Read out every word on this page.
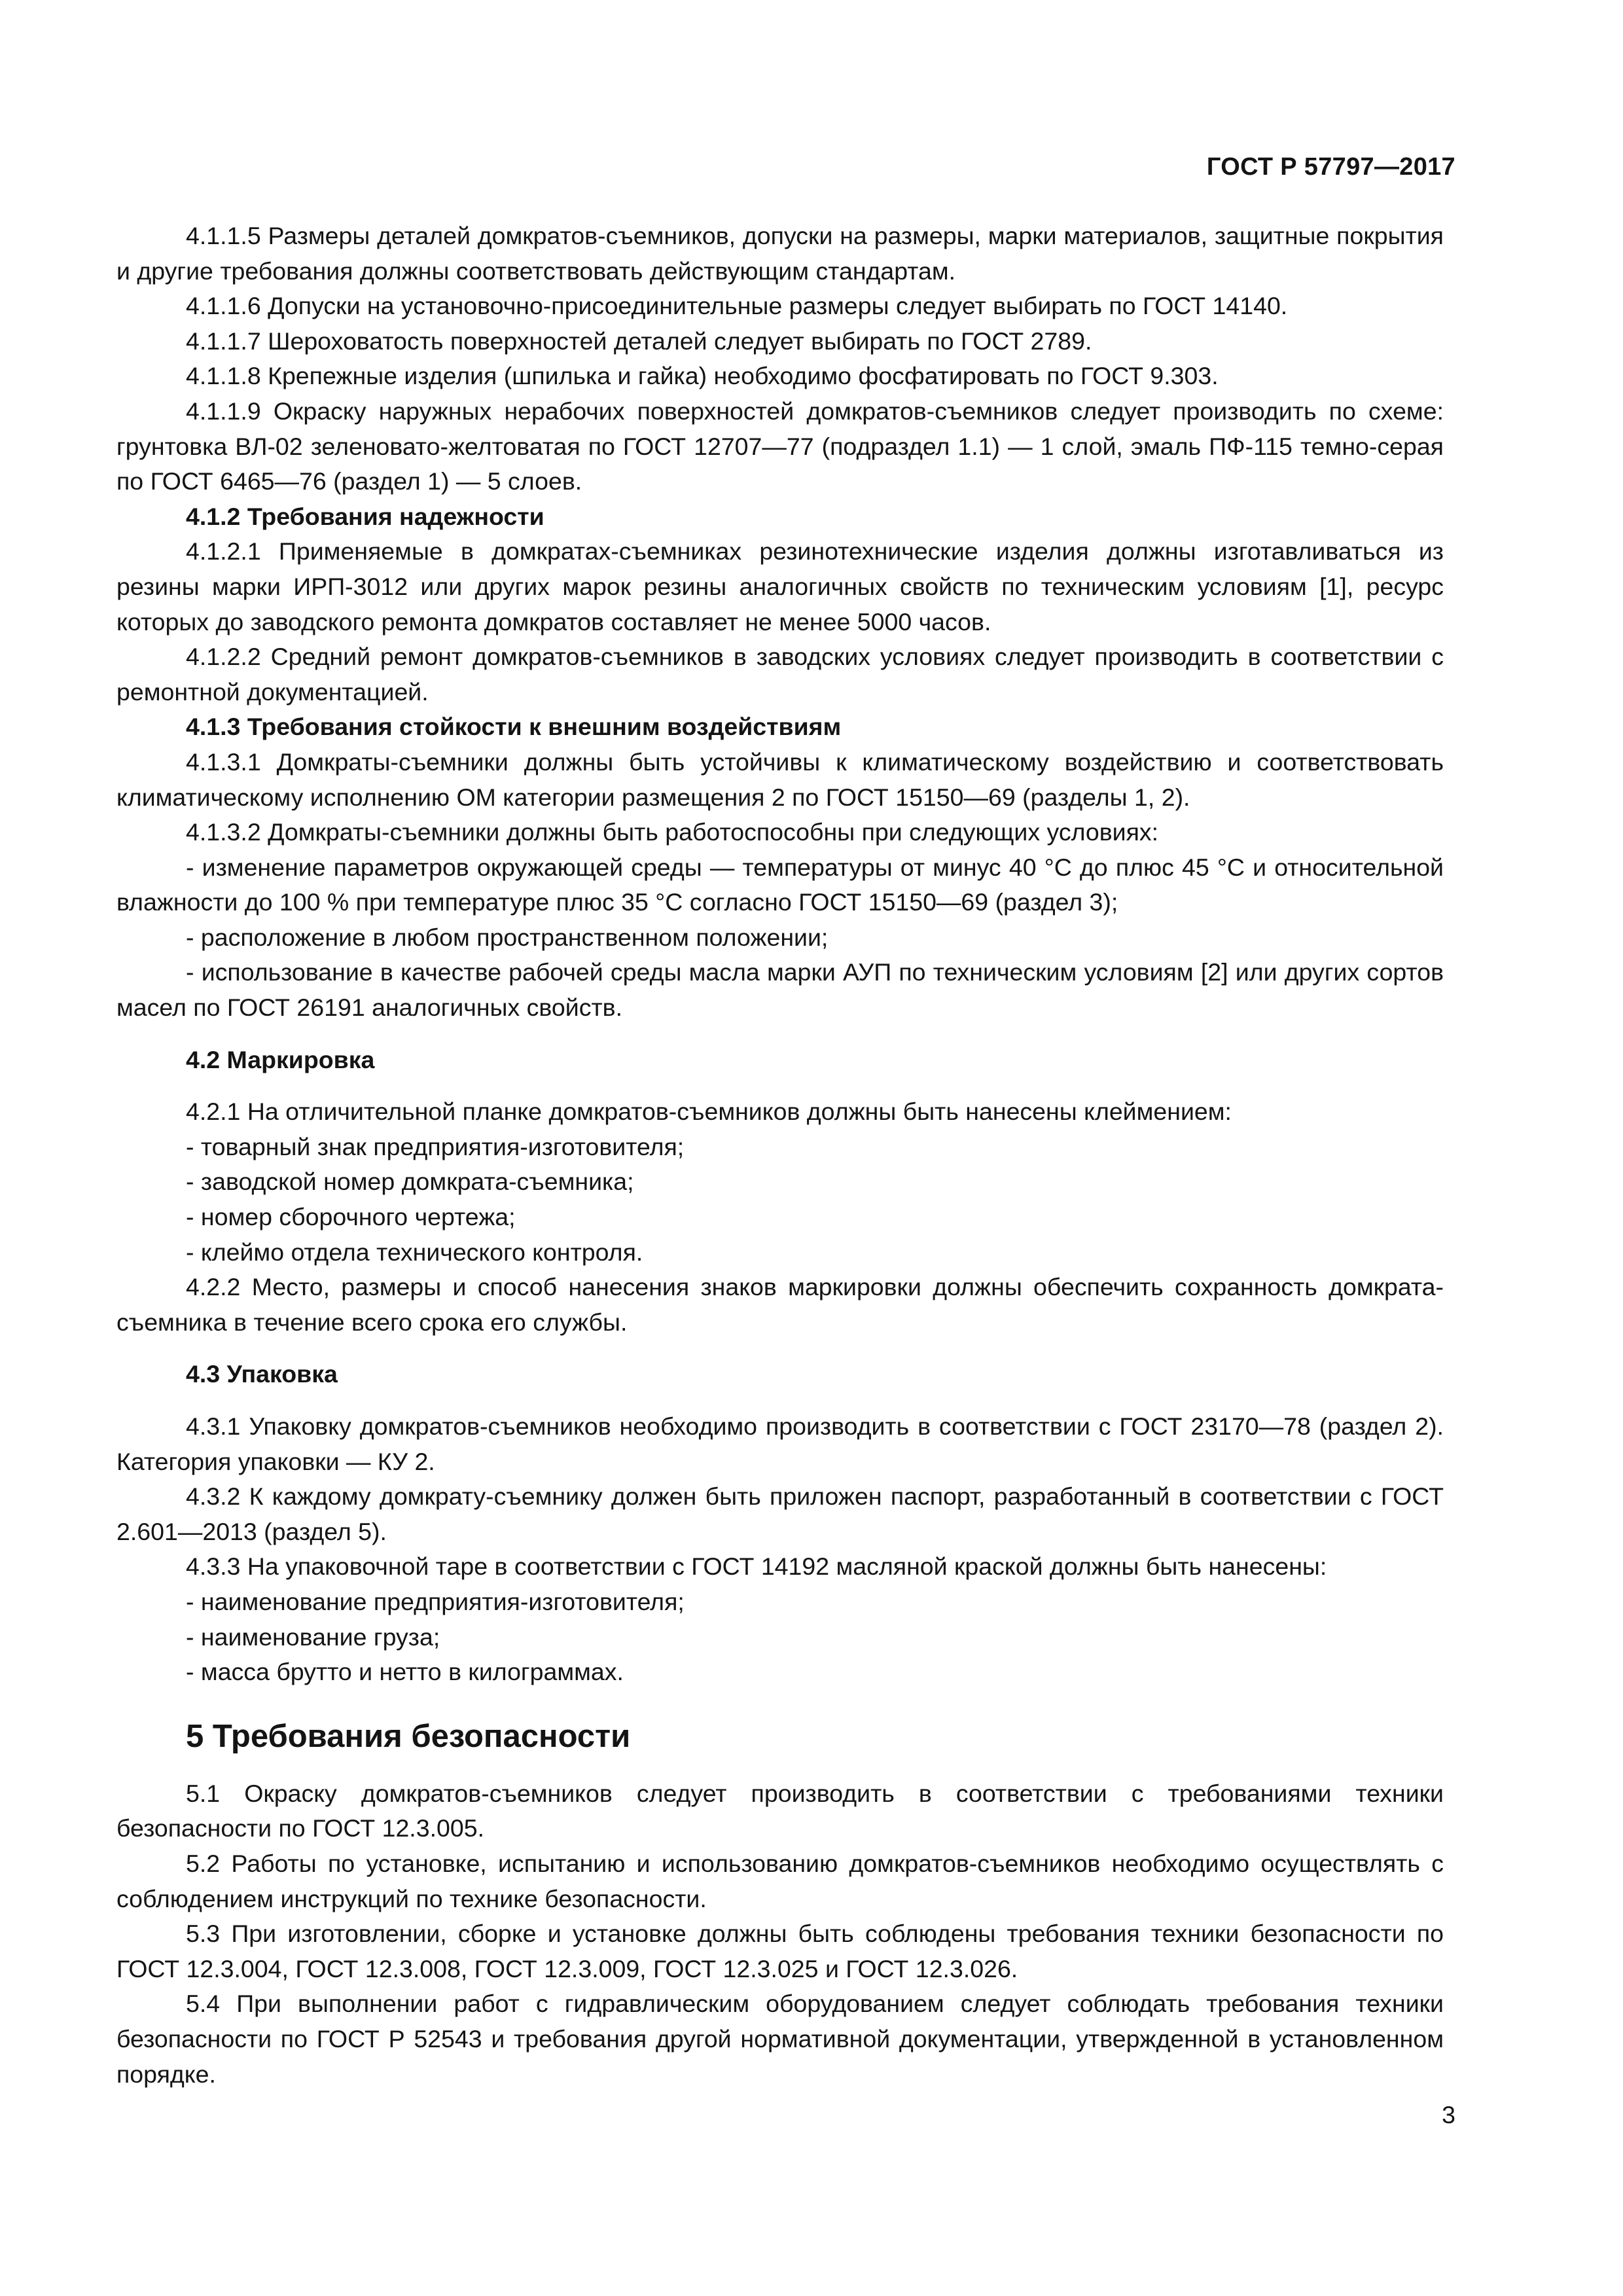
ГОСТ Р 57797—2017

4.1.1.5 Размеры деталей домкратов-съемников, допуски на размеры, марки материалов, защитные покрытия и другие требования должны соответствовать действующим стандартам.

4.1.1.6 Допуски на установочно-присоединительные размеры следует выбирать по ГОСТ 14140.

4.1.1.7 Шероховатость поверхностей деталей следует выбирать по ГОСТ 2789.

4.1.1.8 Крепежные изделия (шпилька и гайка) необходимо фосфатировать по ГОСТ 9.303.

4.1.1.9 Окраску наружных нерабочих поверхностей домкратов-съемников следует производить по схеме: грунтовка ВЛ-02 зеленовато-желтоватая по ГОСТ 12707—77 (подраздел 1.1) — 1 слой, эмаль ПФ-115 темно-серая по ГОСТ 6465—76 (раздел 1) — 5 слоев.

4.1.2 Требования надежности

4.1.2.1 Применяемые в домкратах-съемниках резинотехнические изделия должны изготавливаться из резины марки ИРП-3012 или других марок резины аналогичных свойств по техническим условиям [1], ресурс которых до заводского ремонта домкратов составляет не менее 5000 часов.

4.1.2.2 Средний ремонт домкратов-съемников в заводских условиях следует производить в соответствии с ремонтной документацией.

4.1.3 Требования стойкости к внешним воздействиям

4.1.3.1 Домкраты-съемники должны быть устойчивы к климатическому воздействию и соответствовать климатическому исполнению ОМ категории размещения 2 по ГОСТ 15150—69 (разделы 1, 2).

4.1.3.2 Домкраты-съемники должны быть работоспособны при следующих условиях:

- изменение параметров окружающей среды — температуры от минус 40 °С до плюс 45 °С и относительной влажности до 100 % при температуре плюс 35 °С согласно ГОСТ 15150—69 (раздел 3);

- расположение в любом пространственном положении;

- использование в качестве рабочей среды масла марки АУП по техническим условиям [2] или других сортов масел по ГОСТ 26191 аналогичных свойств.

4.2 Маркировка

4.2.1 На отличительной планке домкратов-съемников должны быть нанесены клеймением:

- товарный знак предприятия-изготовителя;

- заводской номер домкрата-съемника;

- номер сборочного чертежа;

- клеймо отдела технического контроля.

4.2.2 Место, размеры и способ нанесения знаков маркировки должны обеспечить сохранность домкрата-съемника в течение всего срока его службы.

4.3 Упаковка

4.3.1 Упаковку домкратов-съемников необходимо производить в соответствии с ГОСТ 23170—78 (раздел 2). Категория упаковки — КУ 2.

4.3.2 К каждому домкрату-съемнику должен быть приложен паспорт, разработанный в соответствии с ГОСТ 2.601—2013 (раздел 5).

4.3.3 На упаковочной таре в соответствии с ГОСТ 14192 масляной краской должны быть нанесены:

- наименование предприятия-изготовителя;

- наименование груза;

- масса брутто и нетто в килограммах.

5 Требования безопасности

5.1 Окраску домкратов-съемников следует производить в соответствии с требованиями техники безопасности по ГОСТ 12.3.005.

5.2 Работы по установке, испытанию и использованию домкратов-съемников необходимо осуществлять с соблюдением инструкций по технике безопасности.

5.3 При изготовлении, сборке и установке должны быть соблюдены требования техники безопасности по ГОСТ 12.3.004, ГОСТ 12.3.008, ГОСТ 12.3.009, ГОСТ 12.3.025 и ГОСТ 12.3.026.

5.4 При выполнении работ с гидравлическим оборудованием следует соблюдать требования техники безопасности по ГОСТ Р 52543 и требования другой нормативной документации, утвержденной в установленном порядке.

3
